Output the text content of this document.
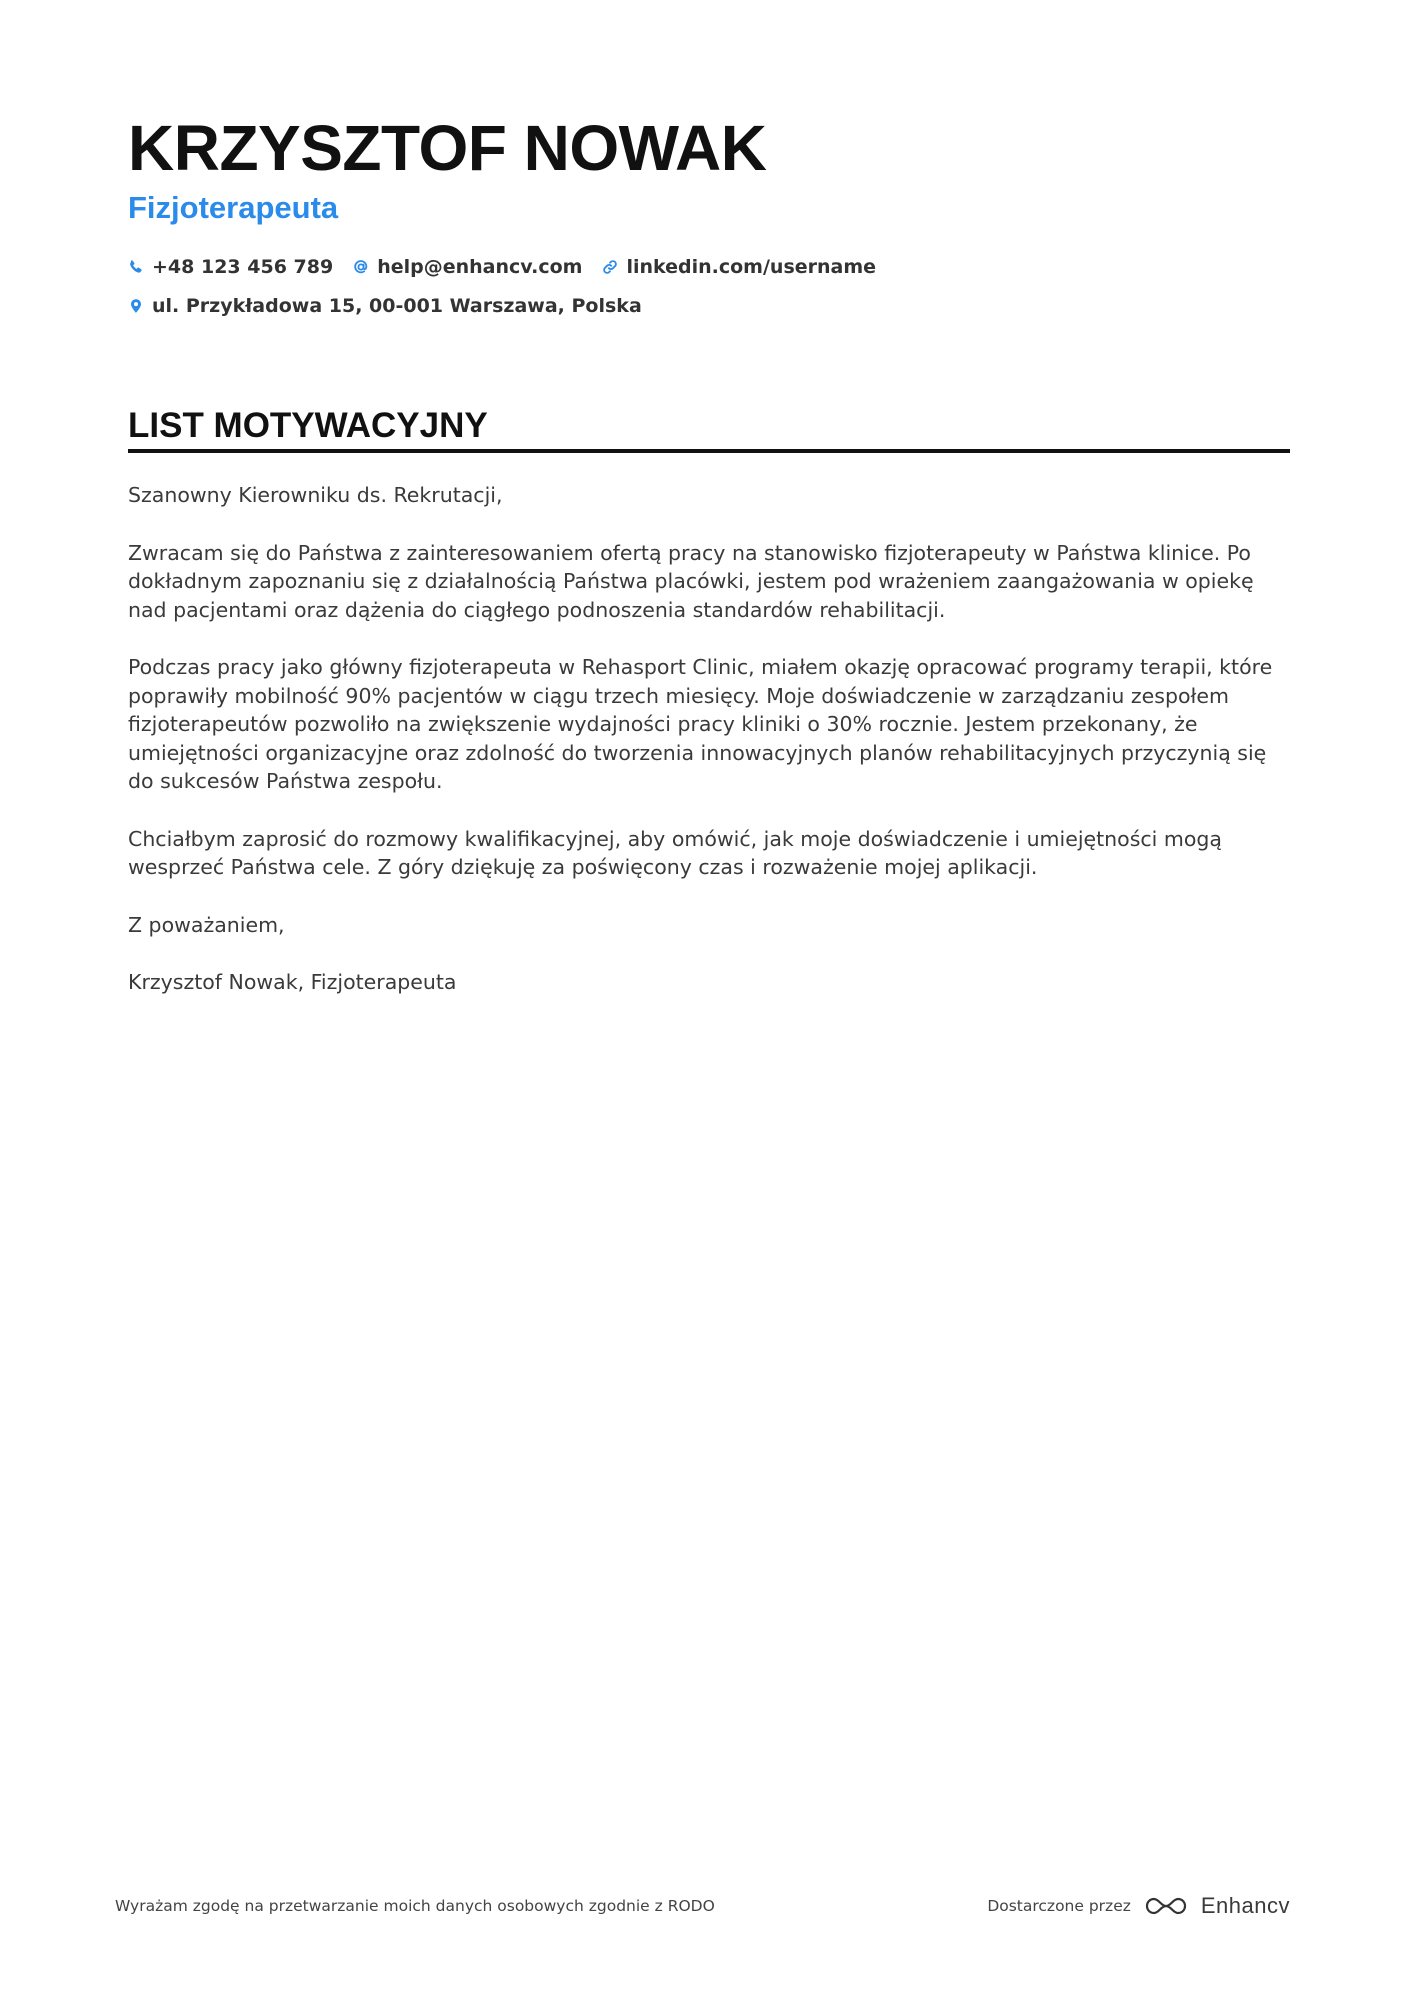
KRZYSZTOF NOWAK
Fizjoterapeuta
+48 123 456 789 help@enhancv.com linkedin.com/username
ul. Przykładowa 15, 00-001 Warszawa, Polska
LIST MOTYWACYJNY

Szanowny Kierowniku ds. Rekrutacji,

Zwracam się do Państwa z zainteresowaniem ofertą pracy na stanowisko fizjoterapeuty w Państwa klinice. Po dokładnym zapoznaniu się z działalnością Państwa placówki, jestem pod wrażeniem zaangażowania w opiekę nad pacjentami oraz dążenia do ciągłego podnoszenia standardów rehabilitacji.

Podczas pracy jako główny fizjoterapeuta w Rehasport Clinic, miałem okazję opracować programy terapii, które poprawiły mobilność 90% pacjentów w ciągu trzech miesięcy. Moje doświadczenie w zarządzaniu zespołem fizjoterapeutów pozwoliło na zwiększenie wydajności pracy kliniki o 30% rocznie. Jestem przekonany, że umiejętności organizacyjne oraz zdolność do tworzenia innowacyjnych planów rehabilitacyjnych przyczynią się do sukcesów Państwa zespołu.

Chciałbym zaprosić do rozmowy kwalifikacyjnej, aby omówić, jak moje doświadczenie i umiejętności mogą wesprzeć Państwa cele. Z góry dziękuję za poświęcony czas i rozważenie mojej aplikacji.

Z poważaniem,

Krzysztof Nowak, Fizjoterapeuta

Wyrażam zgodę na przetwarzanie moich danych osobowych zgodnie z RODO	Dostarczone przez	Enhancv
